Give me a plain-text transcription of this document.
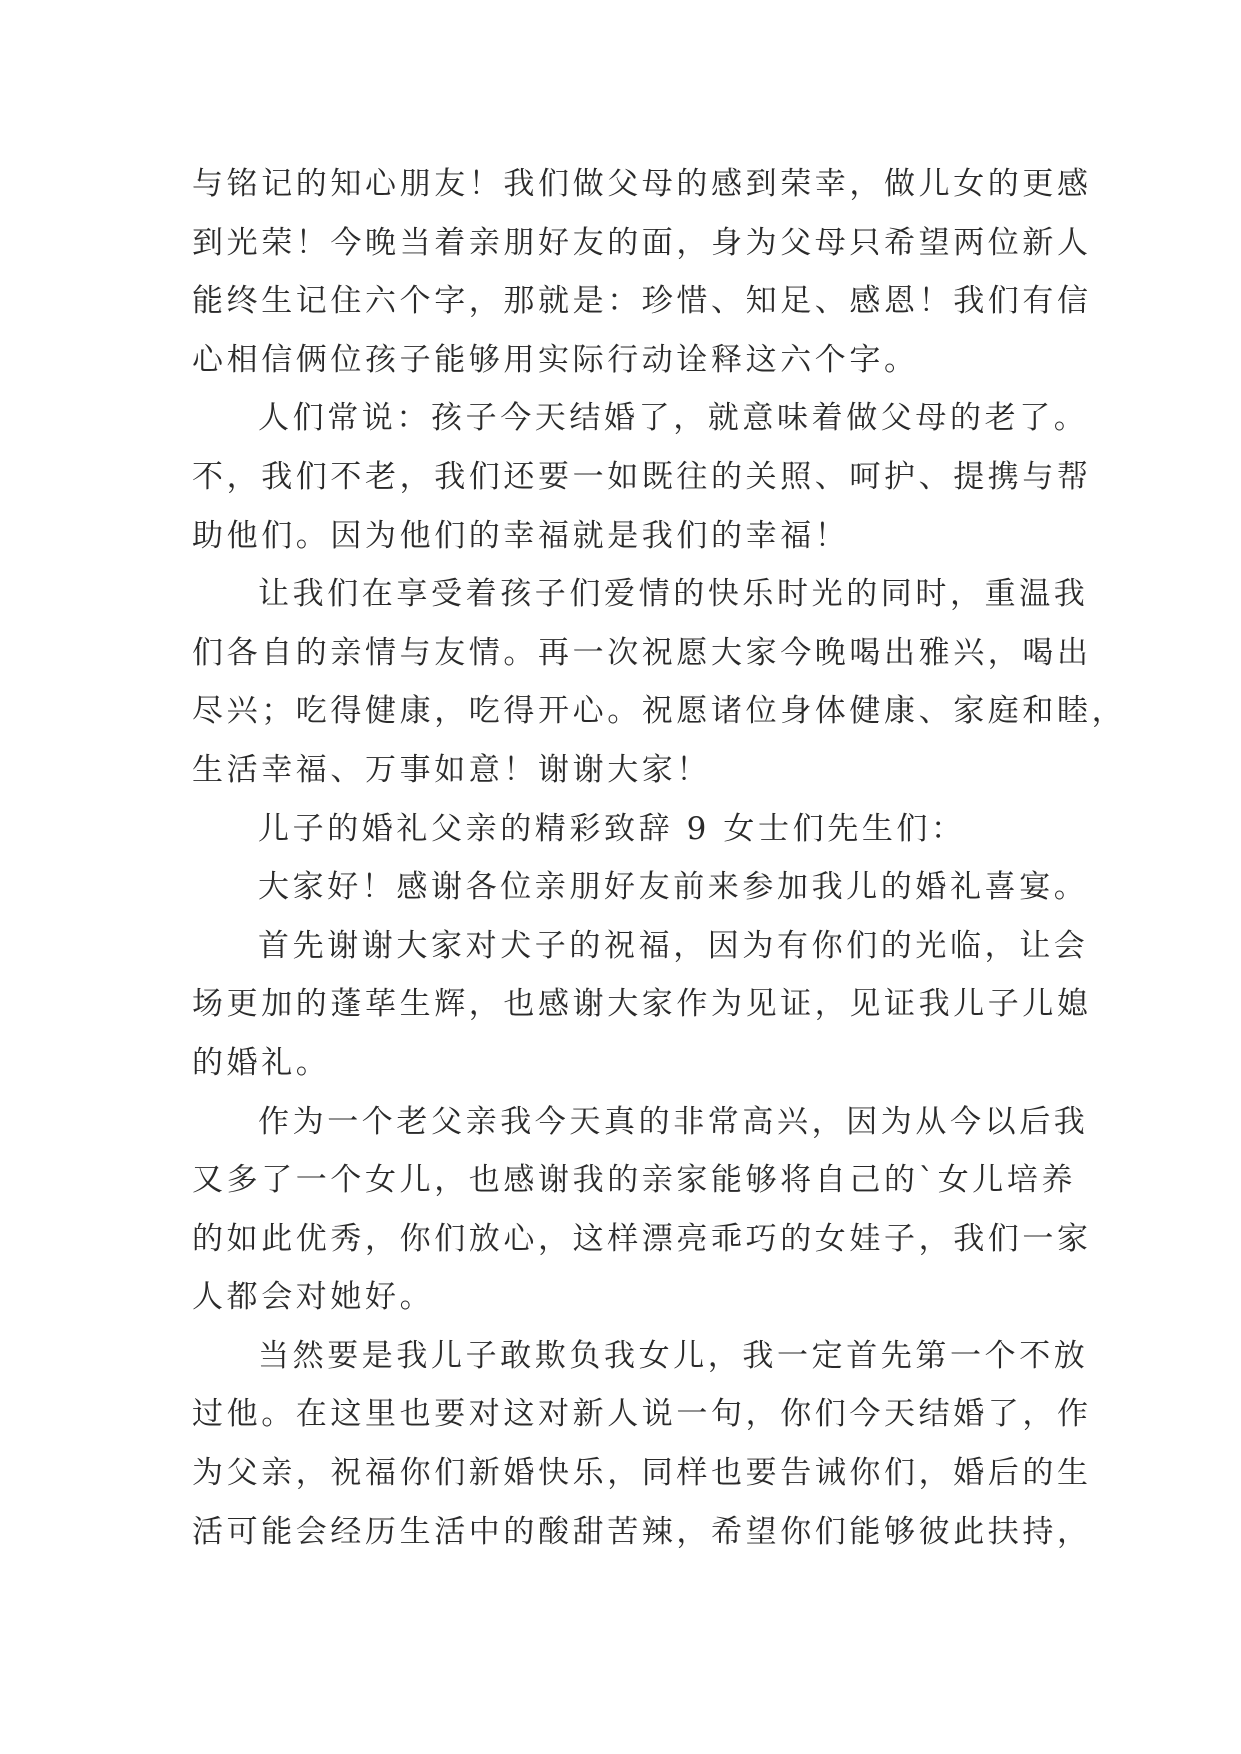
与铭记的知心朋友！我们做父母的感到荣幸，做儿女的更感
到光荣！今晚当着亲朋好友的面，身为父母只希望两位新人
能终生记住六个字，那就是：珍惜、知足、感恩！我们有信
心相信俩位孩子能够用实际行动诠释这六个字。
人们常说：孩子今天结婚了，就意味着做父母的老了。
不，我们不老，我们还要一如既往的关照、呵护、提携与帮
助他们。因为他们的幸福就是我们的幸福！
让我们在享受着孩子们爱情的快乐时光的同时，重温我
们各自的亲情与友情。再一次祝愿大家今晚喝出雅兴，喝出
尽兴；吃得健康，吃得开心。祝愿诸位身体健康、家庭和睦，
生活幸福、万事如意！谢谢大家！
儿子的婚礼父亲的精彩致辞 9 女士们先生们：
大家好！感谢各位亲朋好友前来参加我儿的婚礼喜宴。
首先谢谢大家对犬子的祝福，因为有你们的光临，让会
场更加的蓬荜生辉，也感谢大家作为见证，见证我儿子儿媳
的婚礼。
作为一个老父亲我今天真的非常高兴，因为从今以后我
又多了一个女儿，也感谢我的亲家能够将自己的`女儿培养
的如此优秀，你们放心，这样漂亮乖巧的女娃子，我们一家
人都会对她好。
当然要是我儿子敢欺负我女儿，我一定首先第一个不放
过他。在这里也要对这对新人说一句，你们今天结婚了，作
为父亲，祝福你们新婚快乐，同样也要告诫你们，婚后的生
活可能会经历生活中的酸甜苦辣，希望你们能够彼此扶持，
